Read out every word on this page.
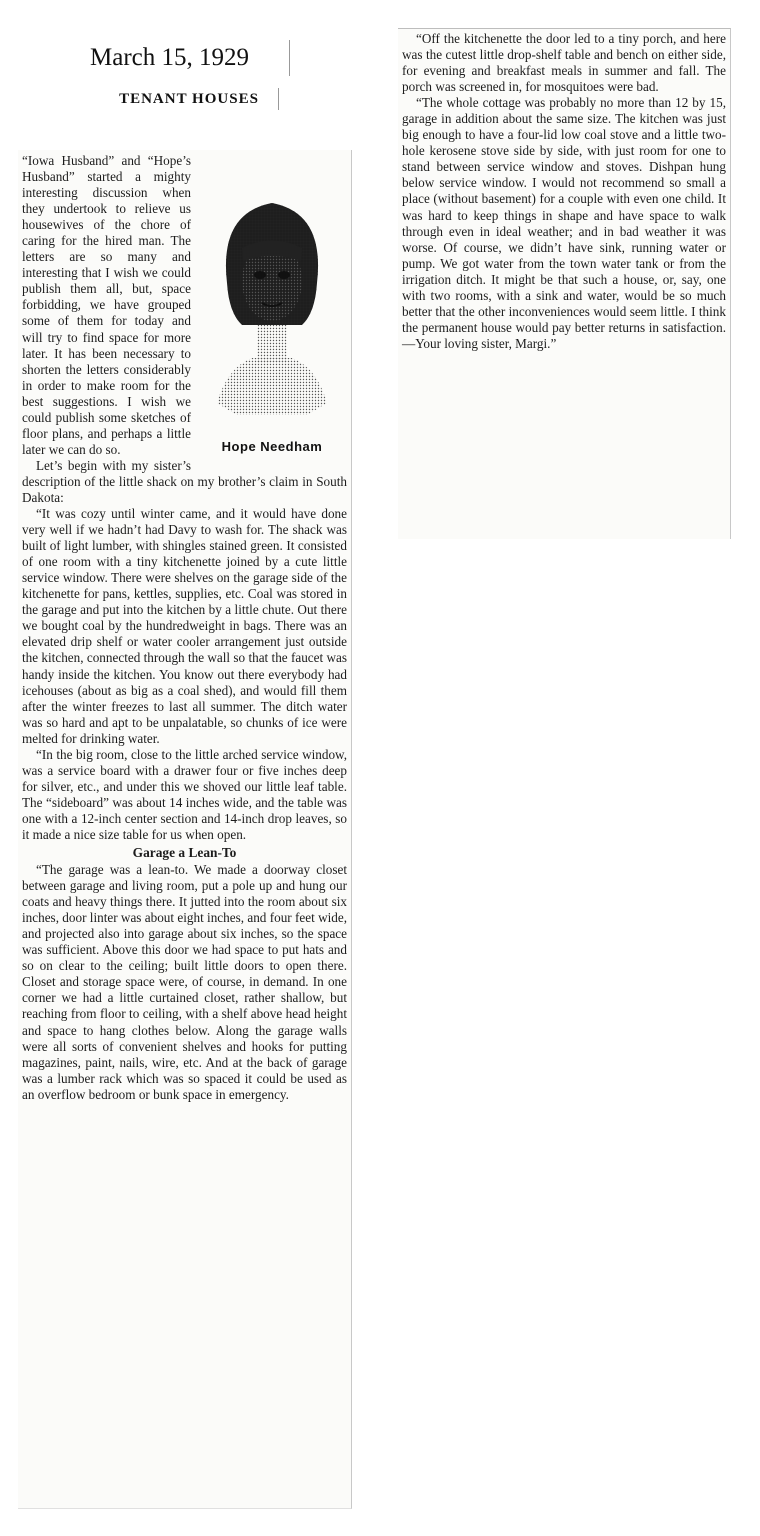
March 15, 1929
TENANT HOUSES
Hope Needham

“Iowa Husband” and “Hope’s Husband” started a mighty interesting discussion when they undertook to relieve us housewives of the chore of caring for the hired man. The letters are so many and interesting that I wish we could publish them all, but, space forbidding, we have grouped some of them for today and will try to find space for more later. It has been necessary to shorten the letters considerably in order to make room for the best suggestions. I wish we could publish some sketches of floor plans, and perhaps a little later we can do so.

Let’s begin with my sister’s description of the little shack on my brother’s claim in South Dakota:

“It was cozy until winter came, and it would have done very well if we hadn’t had Davy to wash for. The shack was built of light lumber, with shingles stained green. It consisted of one room with a tiny kitchenette joined by a cute little service window. There were shelves on the garage side of the kitchenette for pans, kettles, supplies, etc. Coal was stored in the garage and put into the kitchen by a little chute. Out there we bought coal by the hundredweight in bags. There was an elevated drip shelf or water cooler arrangement just outside the kitchen, connected through the wall so that the faucet was handy inside the kitchen. You know out there everybody had icehouses (about as big as a coal shed), and would fill them after the winter freezes to last all summer. The ditch water was so hard and apt to be unpalatable, so chunks of ice were melted for drinking water.

“In the big room, close to the little arched service window, was a service board with a drawer four or five inches deep for silver, etc., and under this we shoved our little leaf table. The “sideboard” was about 14 inches wide, and the table was one with a 12-inch center section and 14-inch drop leaves, so it made a nice size table for us when open.

Garage a Lean-To

“The garage was a lean-to. We made a doorway closet between garage and living room, put a pole up and hung our coats and heavy things there. It jutted into the room about six inches, door linter was about eight inches, and four feet wide, and projected also into garage about six inches, so the space was sufficient. Above this door we had space to put hats and so on clear to the ceiling; built little doors to open there. Closet and storage space were, of course, in demand. In one corner we had a little curtained closet, rather shallow, but reaching from floor to ceiling, with a shelf above head height and space to hang clothes below. Along the garage walls were all sorts of convenient shelves and hooks for putting magazines, paint, nails, wire, etc. And at the back of garage was a lumber rack which was so spaced it could be used as an overflow bedroom or bunk space in emergency.

“Off the kitchenette the door led to a tiny porch, and here was the cutest little drop-shelf table and bench on either side, for evening and breakfast meals in summer and fall. The porch was screened in, for mosquitoes were bad.

“The whole cottage was probably no more than 12 by 15, garage in addition about the same size. The kitchen was just big enough to have a four-lid low coal stove and a little two-hole kerosene stove side by side, with just room for one to stand between service window and stoves. Dishpan hung below service window. I would not recommend so small a place (without basement) for a couple with even one child. It was hard to keep things in shape and have space to walk through even in ideal weather; and in bad weather it was worse. Of course, we didn’t have sink, running water or pump. We got water from the town water tank or from the irrigation ditch. It might be that such a house, or, say, one with two rooms, with a sink and water, would be so much better that the other inconveniences would seem little. I think the permanent house would pay better returns in satisfaction.—Your loving sister, Margi.”
